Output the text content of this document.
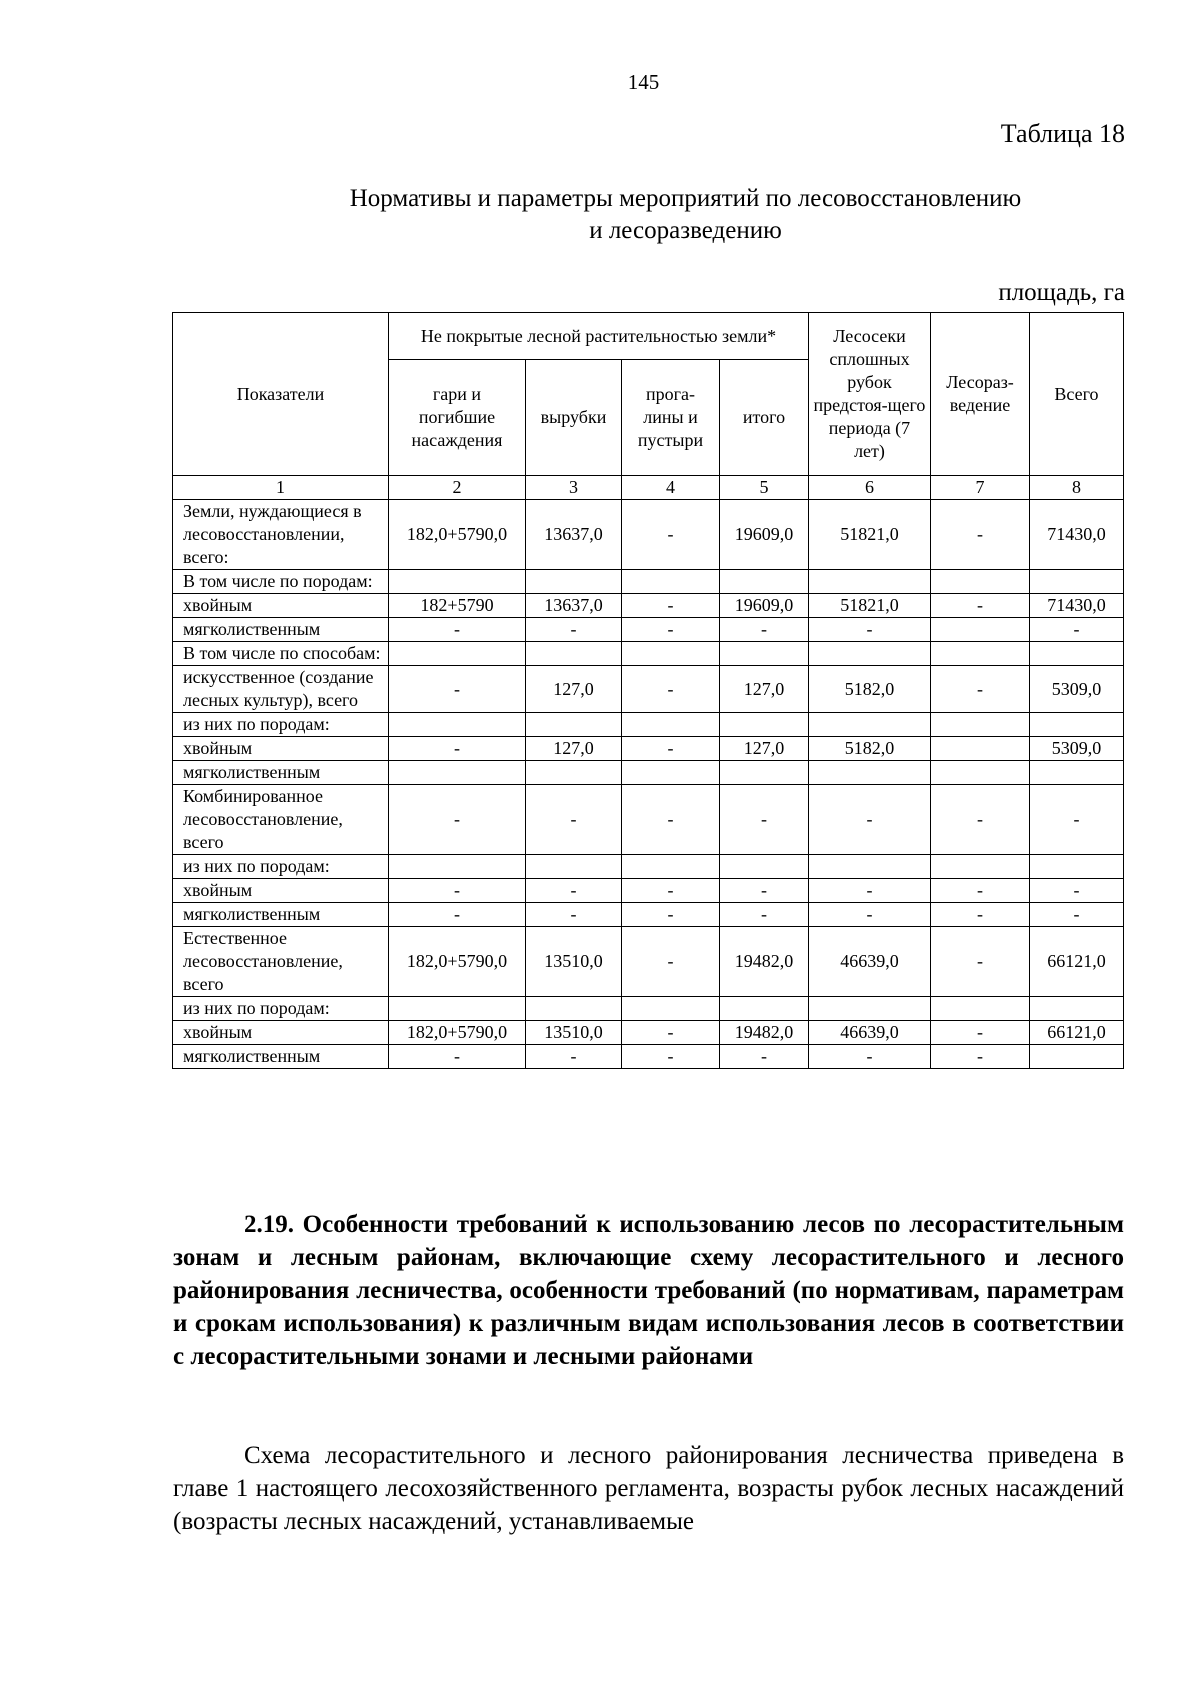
145
Таблица 18
Нормативы и параметры мероприятий по лесовосстановлению
и лесоразведению
площадь, га
Показатели	Не покрытые лесной растительностью земли*				Лесосеки сплошных рубок предстоя-щего периода (7 лет)	Лесораз-ведение	Всего
	гари и погибшие насаждения	вырубки	прога-лины и пустыри	итого			
1	2	3	4	5	6	7	8
Земли, нуждающиеся в лесовосстановлении, всего:	182,0+5790,0	13637,0	-	19609,0	51821,0	-	71430,0
В том числе по породам:							
хвойным	182+5790	13637,0	-	19609,0	51821,0	-	71430,0
мягколиственным	-	-	-	-	-		-
В том числе по способам:							
искусственное (создание лесных культур), всего	-	127,0	-	127,0	5182,0	-	5309,0
из них по породам:							
хвойным	-	127,0	-	127,0	5182,0		5309,0
мягколиственным							
Комбинированное лесовосстановление, всего	-	-	-	-	-	-	-
из них по породам:							
хвойным	-	-	-	-	-	-	-
мягколиственным	-	-	-	-	-	-	-
Естественное лесовосстановление, всего	182,0+5790,0	13510,0	-	19482,0	46639,0	-	66121,0
из них по породам:							
хвойным	182,0+5790,0	13510,0	-	19482,0	46639,0	-	66121,0
мягколиственным	-	-	-	-	-	-	
2.19. Особенности требований к использованию лесов по лесорастительным зонам и лесным районам, включающие схему лесорастительного и лесного районирования лесничества, особенности требований (по нормативам, параметрам и срокам использования) к различным видам использования лесов в соответствии с лесорастительными зонами и лесными районами
Схема лесорастительного и лесного районирования лесничества приведена в главе 1 настоящего лесохозяйственного регламента, возрасты рубок лесных насаждений (возрасты лесных насаждений, устанавливаемые
